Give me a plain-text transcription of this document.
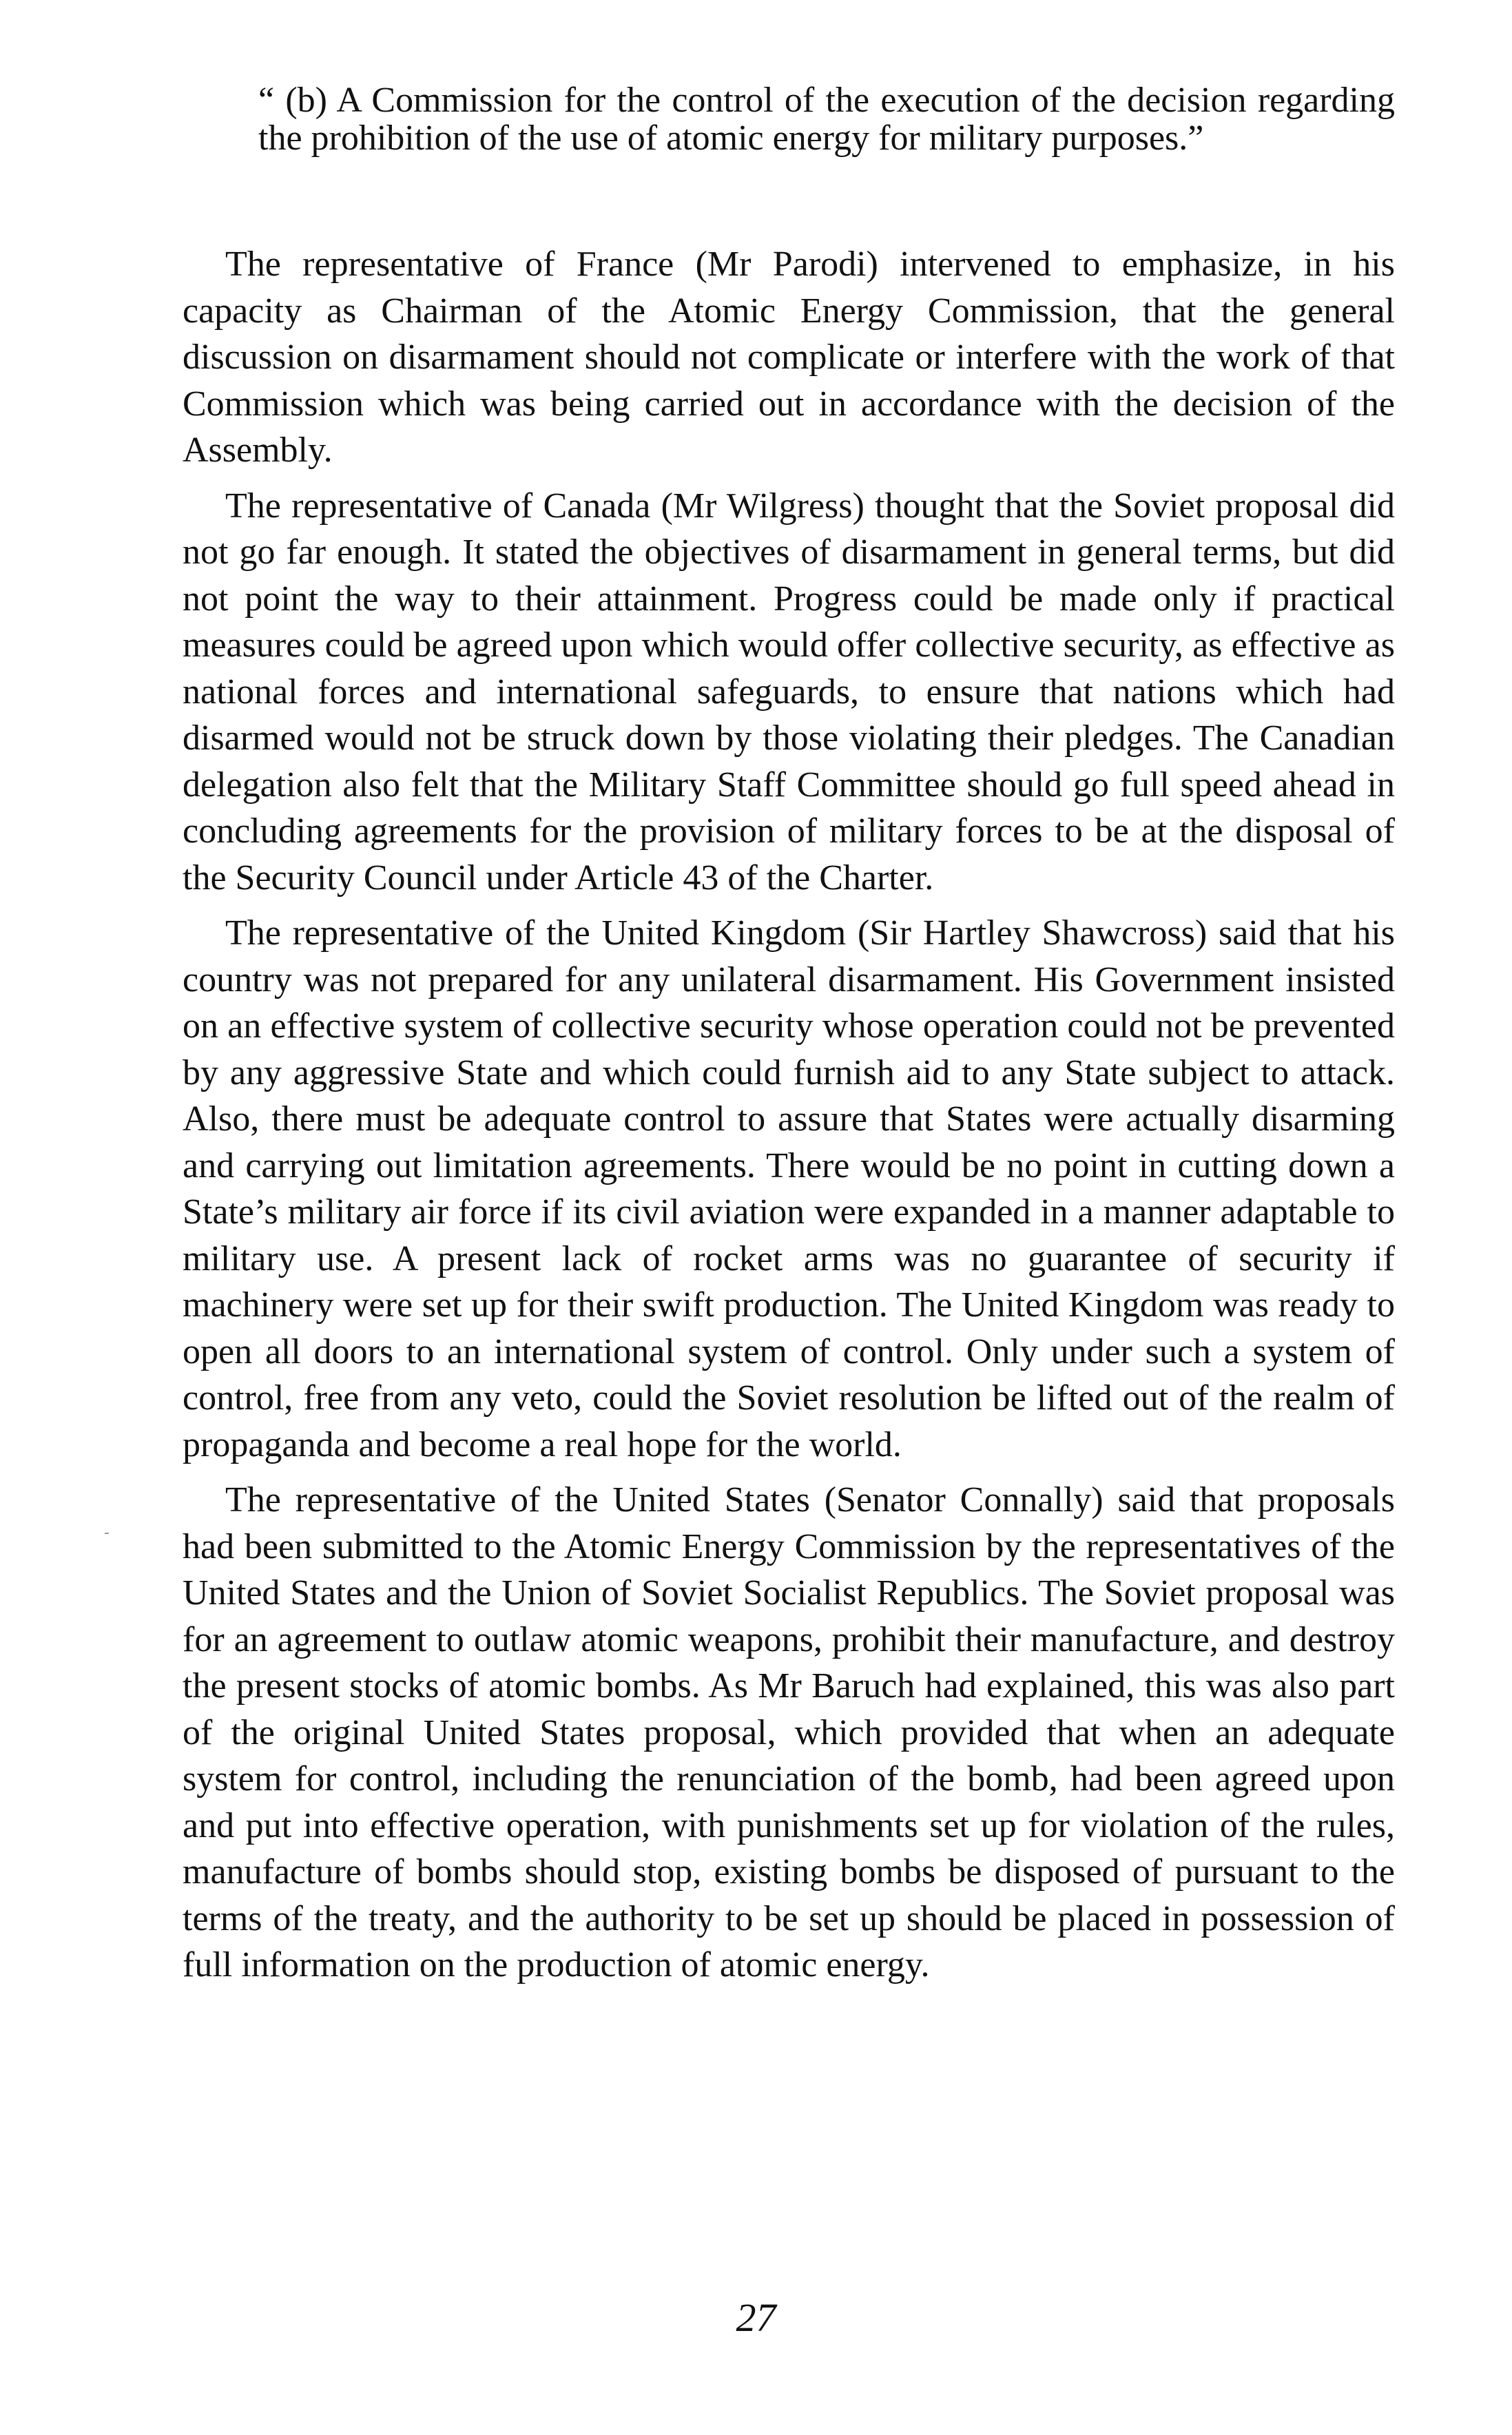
“ (b) A Commission for the control of the execution of the decision regarding the prohibition of the use of atomic energy for military purposes.”

The representative of France (Mr Parodi) intervened to emphasize, in his capacity as Chairman of the Atomic Energy Commission, that the general discussion on disarmament should not complicate or interfere with the work of that Commission which was being carried out in accordance with the decision of the Assembly.

The representative of Canada (Mr Wilgress) thought that the Soviet proposal did not go far enough. It stated the objectives of disarmament in general terms, but did not point the way to their attainment. Progress could be made only if practical measures could be agreed upon which would offer collective security, as effective as national forces and international safeguards, to ensure that nations which had disarmed would not be struck down by those violating their pledges. The Canadian delegation also felt that the Military Staff Committee should go full speed ahead in concluding agreements for the provision of military forces to be at the disposal of the Security Council under Article 43 of the Charter.

The representative of the United Kingdom (Sir Hartley Shawcross) said that his country was not prepared for any unilateral disarmament. His Government insisted on an effective system of collective security whose operation could not be prevented by any aggressive State and which could furnish aid to any State subject to attack. Also, there must be adequate control to assure that States were actually disarming and carrying out limitation agreements. There would be no point in cutting down a State’s military air force if its civil aviation were expanded in a manner adaptable to military use. A present lack of rocket arms was no guarantee of security if machinery were set up for their swift production. The United Kingdom was ready to open all doors to an international system of control. Only under such a system of control, free from any veto, could the Soviet resolution be lifted out of the realm of propaganda and become a real hope for the world.

The representative of the United States (Senator Connally) said that proposals had been submitted to the Atomic Energy Commission by the representatives of the United States and the Union of Soviet Socialist Republics. The Soviet proposal was for an agreement to outlaw atomic weapons, prohibit their manufacture, and destroy the present stocks of atomic bombs. As Mr Baruch had explained, this was also part of the original United States proposal, which provided that when an adequate system for control, including the renunciation of the bomb, had been agreed upon and put into effective operation, with punishments set up for violation of the rules, manufacture of bombs should stop, existing bombs be disposed of pursuant to the terms of the treaty, and the authority to be set up should be placed in possession of full information on the production of atomic energy.

27
